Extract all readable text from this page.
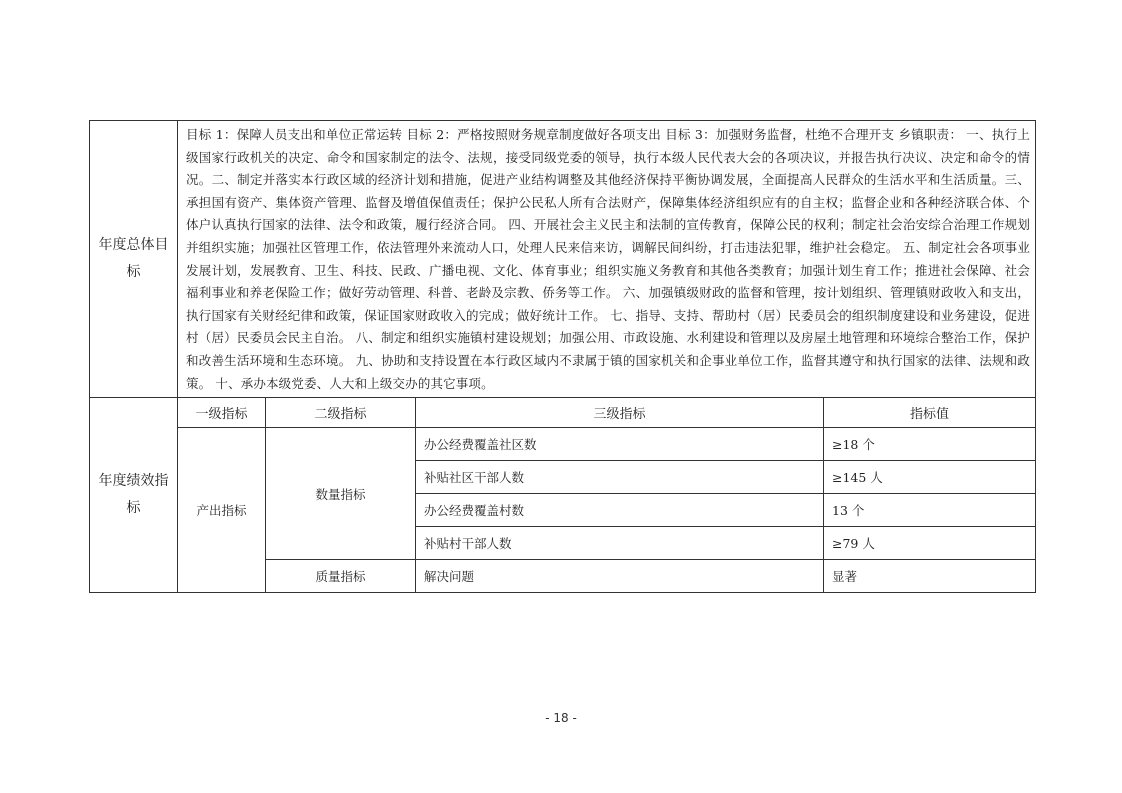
年度总体目标	目标 1：保障人员支出和单位正常运转 目标 2：严格按照财务规章制度做好各项支出 目标 3：加强财务监督，杜绝不合理开支 乡镇职责： 一、执行上级国家行政机关的决定、命令和国家制定的法令、法规，接受同级党委的领导，执行本级人民代表大会的各项决议，并报告执行决议、决定和命令的情况。二、制定并落实本行政区域的经济计划和措施，促进产业结构调整及其他经济保持平衡协调发展，全面提高人民群众的生活水平和生活质量。三、承担国有资产、集体资产管理、监督及增值保值责任；保护公民私人所有合法财产，保障集体经济组织应有的自主权；监督企业和各种经济联合体、个体户认真执行国家的法律、法令和政策，履行经济合同。 四、开展社会主义民主和法制的宣传教育，保障公民的权利；制定社会治安综合治理工作规划并组织实施；加强社区管理工作，依法管理外来流动人口，处理人民来信来访，调解民间纠纷，打击违法犯罪，维护社会稳定。 五、制定社会各项事业发展计划，发展教育、卫生、科技、民政、广播电视、文化、体育事业；组织实施义务教育和其他各类教育；加强计划生育工作；推进社会保障、社会福利事业和养老保险工作；做好劳动管理、科普、老龄及宗教、侨务等工作。 六、加强镇级财政的监督和管理，按计划组织、管理镇财政收入和支出，执行国家有关财经纪律和政策，保证国家财政收入的完成；做好统计工作。 七、指导、支持、帮助村（居）民委员会的组织制度建设和业务建设，促进村（居）民委员会民主自治。 八、制定和组织实施镇村建设规划；加强公用、市政设施、水利建设和管理以及房屋土地管理和环境综合整治工作，保护和改善生活环境和生态环境。 九、协助和支持设置在本行政区域内不隶属于镇的国家机关和企事业单位工作，监督其遵守和执行国家的法律、法规和政策。 十、承办本级党委、人大和上级交办的其它事项。			
年度绩效指标	一级指标	二级指标	三级指标	指标值
	产出指标	数量指标	办公经费覆盖社区数	≥18 个
			补贴社区干部人数	≥145 人
			办公经费覆盖村数	13 个
			补贴村干部人数	≥79 人
		质量指标	解决问题	显著
- 18 -
